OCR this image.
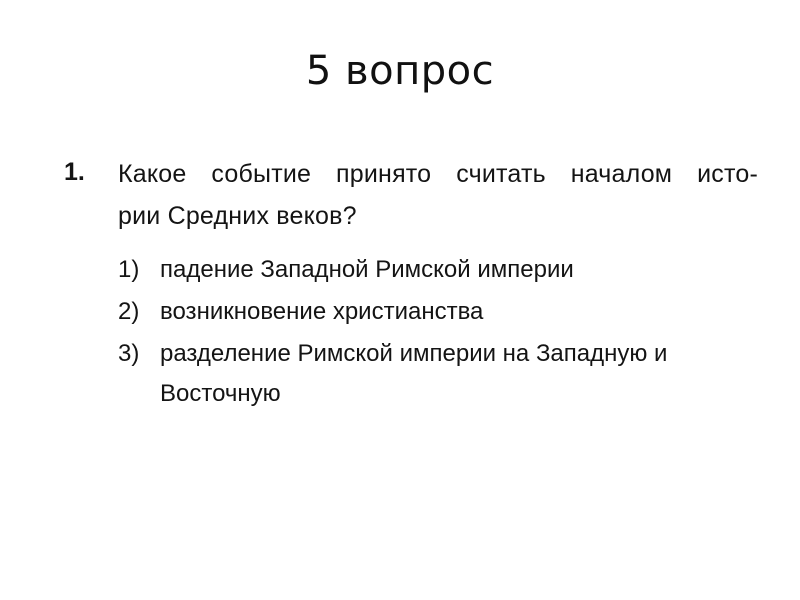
5 вопрос
1. Какое событие принято считать началом исто-
рии Средних веков?
1) падение Западной Римской империи
2) возникновение христианства
3) разделение Римской империи на Западную и
Восточную
